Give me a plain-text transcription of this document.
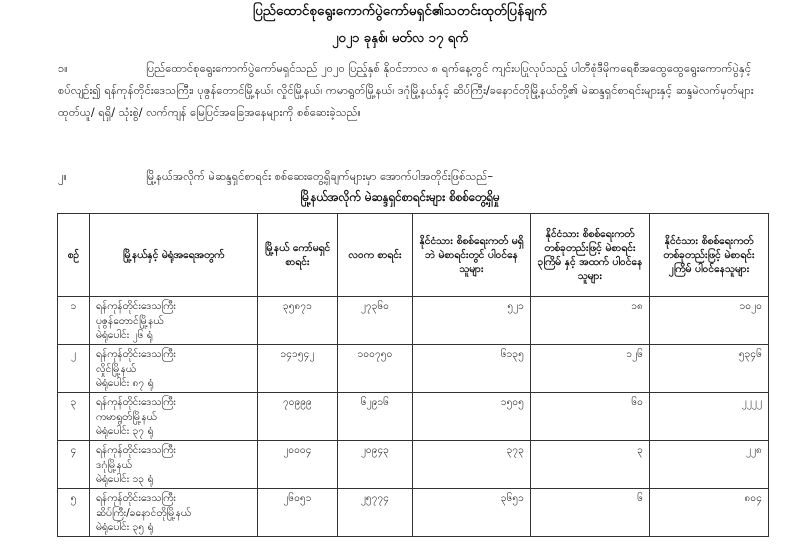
ပြည်ထောင်စုရွေးကောက်ပွဲကော်မရှင်၏သတင်းထုတ်ပြန်ချက်
၂၀၂၁ ခုနှစ်၊ မတ်လ ၁၇ ရက်
၁။	ပြည်ထောင်စုရွေးကောက်ပွဲကော်မရှင်သည် ၂၀၂၀ ပြည့်နှစ် နိုဝင်ဘာလ ၈ ရက်နေ့တွင် ကျင်းပပြုလုပ်သည့် ပါတီစုံဒီမိုကရေစီအထွေထွေရွေးကောက်ပွဲနှင့်စပ်လျဉ်း၍ ရန်ကုန်တိုင်းဒေသကြီး၊ ပုဇွန်တောင်မြို့နယ်၊ လှိုင်မြို့နယ်၊ ကမာရွတ်မြို့နယ်၊ ဒဂုံမြို့နယ်နှင့် ဆိပ်ကြီး/ခနောင်တိုမြို့နယ်တို့၏ မဲဆန္ဒရှင်စာရင်းများနှင့် ဆန္ဒမဲလက်မှတ်များ ထုတ်ယူ/ ရရှိ/ သုံးစွဲ/ လက်ကျန် မြေပြင်အခြေအနေများကို စစ်ဆေးခဲ့သည်။
၂။	မြို့နယ်အလိုက် မဲဆန္ဒရှင်စာရင်း စစ်ဆေးတွေ့ရှိချက်များမှာ အောက်ပါအတိုင်းဖြစ်သည်–
မြို့နယ်အလိုက် မဲဆန္ဒရှင်စာရင်းများ စိစစ်တွေ့ရှိမှု
စဉ်	မြို့နယ်နှင့် မဲရုံအရေအတွက်	မြို့နယ် ကော်မရှင် စာရင်း	လဝက စာရင်း	နိုင်ငံသား စိစစ်ရေးကတ် မရှိဘဲ မဲစာရင်းတွင် ပါဝင်နေသူများ	နိုင်ငံသား စိစစ်ရေးကတ် တစ်ခုတည်းဖြင့် မဲစာရင်း ၃ကြိမ် နှင့် အထက် ပါဝင်နေသူများ	နိုင်ငံသား စိစစ်ရေးကတ် တစ်ခုတည်းဖြင့် မဲစာရင်း ၂ကြိမ် ပါဝင်နေသူများ
၁	ရန်ကုန်တိုင်းဒေသကြီး
ပုဇွန်တောင်မြို့နယ်
မဲရုံပေါင်း ၂၆ ရုံ	၃၅၈၇၁	၂၇၃၆၀	၅၂၁	၁၈	၁၀၂၀
၂	ရန်ကုန်တိုင်းဒေသကြီး
လှိုင်မြို့နယ်
မဲရုံပေါင်း ၈၇ ရုံ	၁၄၁၅၄၂	၁၀၀၇၅၀	၆၁၃၅	၁၂၆	၅၃၄၆
၃	ရန်ကုန်တိုင်းဒေသကြီး
ကမာရွတ်မြို့နယ်
မဲရုံပေါင်း ၃၇ ရုံ	၇၀၉၉၉	၆၂၉၁၆	၁၅၀၅	၆၀	၂၂၂၂
၄	ရန်ကုန်တိုင်းဒေသကြီး
ဒဂုံမြို့နယ်
မဲရုံပေါင်း ၁၃ ရုံ	၂၀၀၀၄	၂၀၉၄၃	၃၇၃	၃	၂၂၈
၅	ရန်ကုန်တိုင်းဒေသကြီး
ဆိပ်ကြီး/ခနောင်တိုမြို့နယ်
မဲရုံပေါင်း ၃၅ ရုံ	၂၆၀၅၁	၂၅၇၇၄	၃၆၅၁	၆	၈၀၄
